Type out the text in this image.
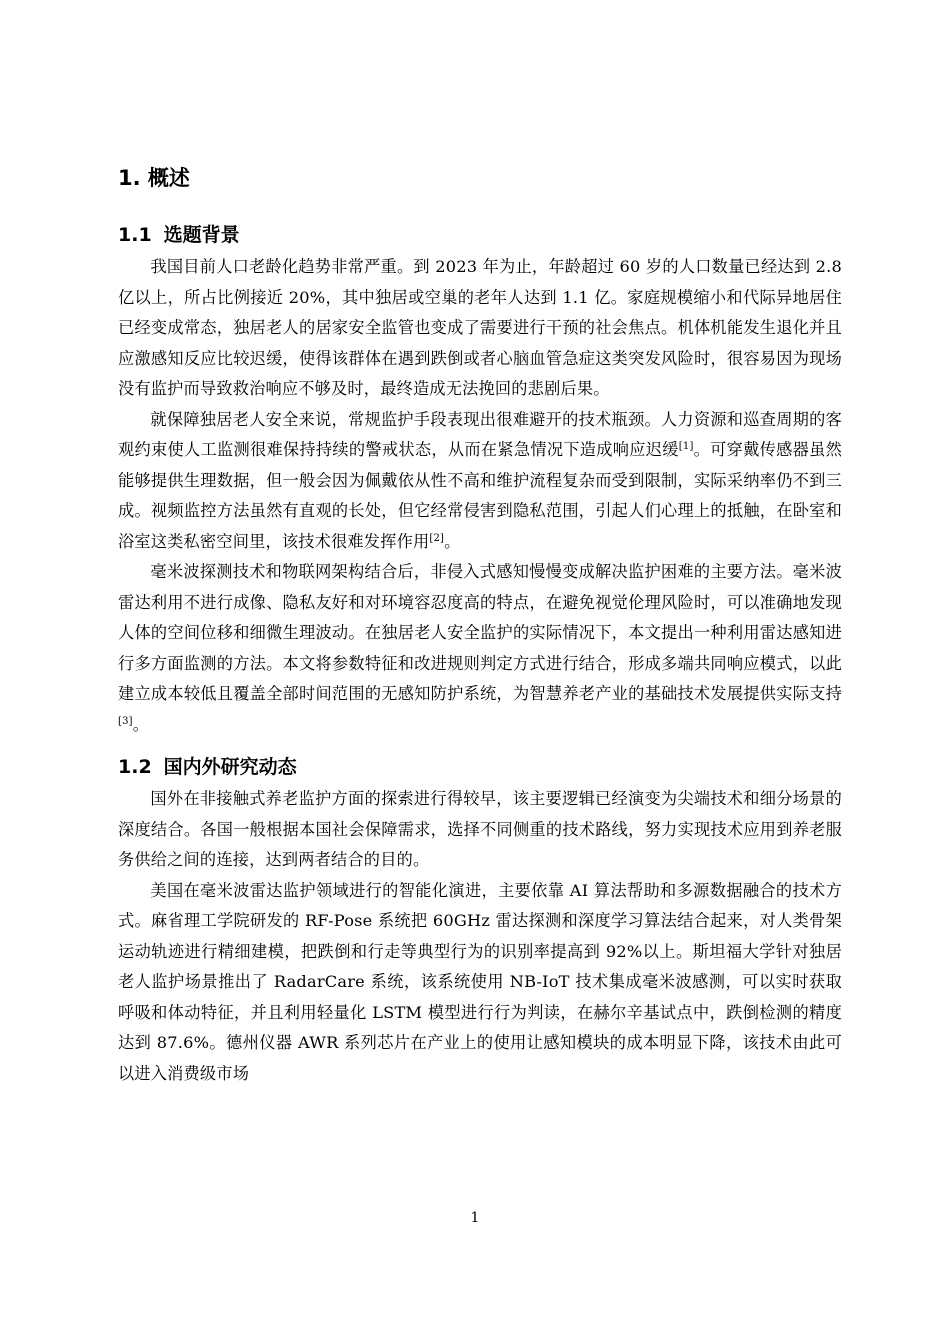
1. 概述
1.1 选题背景

我国目前人口老龄化趋势非常严重。到 2023 年为止，年龄超过 60 岁的人口数量已经达到 2.8 亿以上，所占比例接近 20%，其中独居或空巢的老年人达到 1.1 亿。家庭规模缩小和代际异地居住已经变成常态，独居老人的居家安全监管也变成了需要进行干预的社会焦点。机体机能发生退化并且应激感知反应比较迟缓，使得该群体在遇到跌倒或者心脑血管急症这类突发风险时，很容易因为现场没有监护而导致救治响应不够及时，最终造成无法挽回的悲剧后果。

就保障独居老人安全来说，常规监护手段表现出很难避开的技术瓶颈。人力资源和巡查周期的客观约束使人工监测很难保持持续的警戒状态，从而在紧急情况下造成响应迟缓[1]。可穿戴传感器虽然能够提供生理数据，但一般会因为佩戴依从性不高和维护流程复杂而受到限制，实际采纳率仍不到三成。视频监控方法虽然有直观的长处，但它经常侵害到隐私范围，引起人们心理上的抵触，在卧室和浴室这类私密空间里，该技术很难发挥作用[2]。

毫米波探测技术和物联网架构结合后，非侵入式感知慢慢变成解决监护困难的主要方法。毫米波雷达利用不进行成像、隐私友好和对环境容忍度高的特点，在避免视觉伦理风险时，可以准确地发现人体的空间位移和细微生理波动。在独居老人安全监护的实际情况下，本文提出一种利用雷达感知进行多方面监测的方法。本文将参数特征和改进规则判定方式进行结合，形成多端共同响应模式，以此建立成本较低且覆盖全部时间范围的无感知防护系统，为智慧养老产业的基础技术发展提供实际支持[3]。

1.2 国内外研究动态

国外在非接触式养老监护方面的探索进行得较早，该主要逻辑已经演变为尖端技术和细分场景的深度结合。各国一般根据本国社会保障需求，选择不同侧重的技术路线，努力实现技术应用到养老服务供给之间的连接，达到两者结合的目的。

美国在毫米波雷达监护领域进行的智能化演进，主要依靠 AI 算法帮助和多源数据融合的技术方式。麻省理工学院研发的 RF-Pose 系统把 60GHz 雷达探测和深度学习算法结合起来，对人类骨架运动轨迹进行精细建模，把跌倒和行走等典型行为的识别率提高到 92%以上。斯坦福大学针对独居老人监护场景推出了 RadarCare 系统，该系统使用 NB-IoT 技术集成毫米波感测，可以实时获取呼吸和体动特征，并且利用轻量化 LSTM 模型进行行为判读，在赫尔辛基试点中，跌倒检测的精度达到 87.6%。德州仪器 AWR 系列芯片在产业上的使用让感知模块的成本明显下降，该技术由此可以进入消费级市场

1
